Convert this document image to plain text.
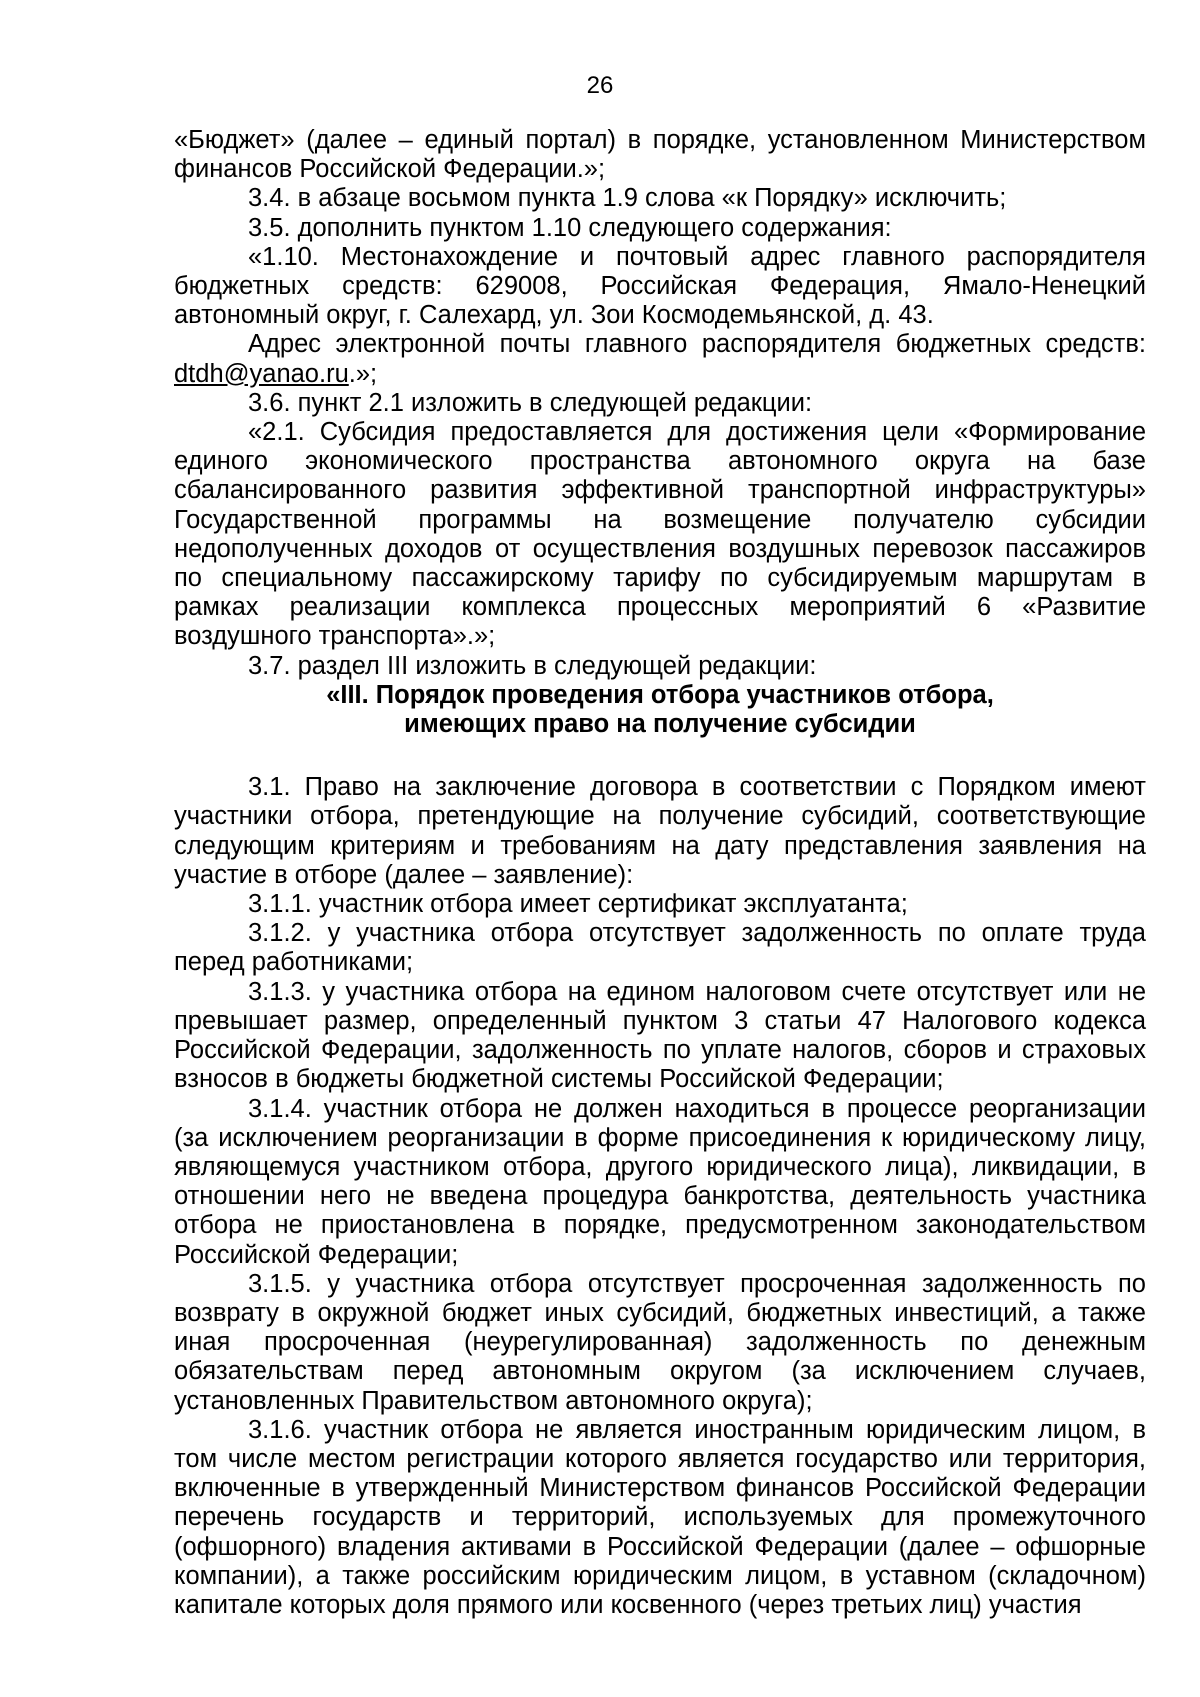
26

«Бюджет» (далее – единый портал) в порядке, установленном Министерством финансов Российской Федерации.»;

3.4. в абзаце восьмом пункта 1.9 слова «к Порядку» исключить;

3.5. дополнить пунктом 1.10 следующего содержания:

«1.10. Местонахождение и почтовый адрес главного распорядителя бюджетных средств: 629008, Российская Федерация, Ямало-Ненецкий автономный округ, г. Салехард, ул. Зои Космодемьянской, д. 43.

Адрес электронной почты главного распорядителя бюджетных средств: dtdh@yanao.ru.»;

3.6. пункт 2.1 изложить в следующей редакции:

«2.1. Субсидия предоставляется для достижения цели «Формирование единого экономического пространства автономного округа на базе сбалансированного развития эффективной транспортной инфраструктуры» Государственной программы на возмещение получателю субсидии недополученных доходов от осуществления воздушных перевозок пассажиров по специальному пассажирскому тарифу по субсидируемым маршрутам в рамках реализации комплекса процессных мероприятий 6 «Развитие воздушного транспорта».»;

3.7. раздел III изложить в следующей редакции:

«III. Порядок проведения отбора участников отбора,

имеющих право на получение субсидии

3.1. Право на заключение договора в соответствии с Порядком имеют участники отбора, претендующие на получение субсидий, соответствующие следующим критериям и требованиям на дату представления заявления на участие в отборе (далее – заявление):

3.1.1. участник отбора имеет сертификат эксплуатанта;

3.1.2. у участника отбора отсутствует задолженность по оплате труда перед работниками;

3.1.3. у участника отбора на едином налоговом счете отсутствует или не превышает размер, определенный пунктом 3 статьи 47 Налогового кодекса Российской Федерации, задолженность по уплате налогов, сборов и страховых взносов в бюджеты бюджетной системы Российской Федерации;

3.1.4. участник отбора не должен находиться в процессе реорганизации (за исключением реорганизации в форме присоединения к юридическому лицу, являющемуся участником отбора, другого юридического лица), ликвидации, в отношении него не введена процедура банкротства, деятельность участника отбора не приостановлена в порядке, предусмотренном законодательством Российской Федерации;

3.1.5. у участника отбора отсутствует просроченная задолженность по возврату в окружной бюджет иных субсидий, бюджетных инвестиций, а также иная просроченная (неурегулированная) задолженность по денежным обязательствам перед автономным округом (за исключением случаев, установленных Правительством автономного округа);

3.1.6. участник отбора не является иностранным юридическим лицом, в том числе местом регистрации которого является государство или территория, включенные в утвержденный Министерством финансов Российской Федерации перечень государств и территорий, используемых для промежуточного (офшорного) владения активами в Российской Федерации (далее – офшорные компании), а также российским юридическим лицом, в уставном (складочном) капитале которых доля прямого или косвенного (через третьих лиц) участия
